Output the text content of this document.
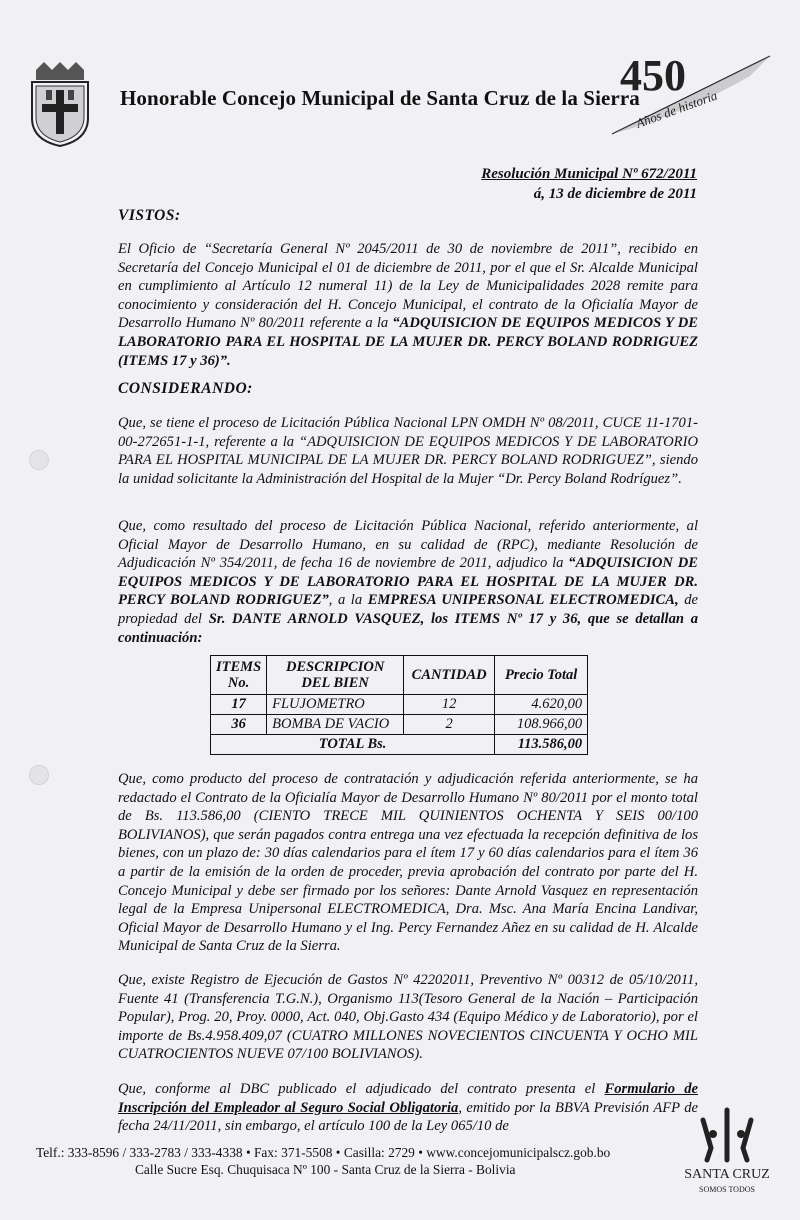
Honorable Concejo Municipal de Santa Cruz de la Sierra
450
Años de historia
Resolución Municipal Nº 672/2011
á, 13 de diciembre de 2011
VISTOS:
El Oficio de “Secretaría General Nº 2045/2011 de 30 de noviembre de 2011”, recibido en Secretaría del Concejo Municipal el 01 de diciembre de 2011, por el que el Sr. Alcalde Municipal en cumplimiento al Artículo 12 numeral 11) de la Ley de Municipalidades 2028 remite para conocimiento y consideración del H. Concejo Municipal, el contrato de la Oficialía Mayor de Desarrollo Humano Nº 80/2011 referente a la “ADQUISICION DE EQUIPOS MEDICOS Y DE LABORATORIO PARA EL HOSPITAL DE LA MUJER DR. PERCY BOLAND RODRIGUEZ (ITEMS 17 y 36)”.
CONSIDERANDO:
Que, se tiene el proceso de Licitación Pública Nacional LPN OMDH Nº 08/2011, CUCE 11-1701-00-272651-1-1, referente a la “ADQUISICION DE EQUIPOS MEDICOS Y DE LABORATORIO PARA EL HOSPITAL MUNICIPAL DE LA MUJER DR. PERCY BOLAND RODRIGUEZ”, siendo la unidad solicitante la Administración del Hospital de la Mujer “Dr. Percy Boland Rodríguez”.
Que, como resultado del proceso de Licitación Pública Nacional, referido anteriormente, al Oficial Mayor de Desarrollo Humano, en su calidad de (RPC), mediante Resolución de Adjudicación Nº 354/2011, de fecha 16 de noviembre de 2011, adjudico la “ADQUISICION DE EQUIPOS MEDICOS Y DE LABORATORIO PARA EL HOSPITAL DE LA MUJER DR. PERCY BOLAND RODRIGUEZ”, a la EMPRESA UNIPERSONAL ELECTROMEDICA, de propiedad del Sr. DANTE ARNOLD VASQUEZ, los ITEMS Nº 17 y 36, que se detallan a continuación:
ITEMS No.	DESCRIPCION DEL BIEN	CANTIDAD	Precio Total
17	FLUJOMETRO	12	4.620,00
36	BOMBA DE VACIO	2	108.966,00
TOTAL Bs.			113.586,00
Que, como producto del proceso de contratación y adjudicación referida anteriormente, se ha redactado el Contrato de la Oficialía Mayor de Desarrollo Humano Nº 80/2011 por el monto total de Bs. 113.586,00 (CIENTO TRECE MIL QUINIENTOS OCHENTA Y SEIS 00/100 BOLIVIANOS), que serán pagados contra entrega una vez efectuada la recepción definitiva de los bienes, con un plazo de: 30 días calendarios para el ítem 17 y 60 días calendarios para el ítem 36 a partir de la emisión de la orden de proceder, previa aprobación del contrato por parte del H. Concejo Municipal y debe ser firmado por los señores: Dante Arnold Vasquez en representación legal de la Empresa Unipersonal ELECTROMEDICA, Dra. Msc. Ana María Encina Landivar, Oficial Mayor de Desarrollo Humano y el Ing. Percy Fernandez Añez en su calidad de H. Alcalde Municipal de Santa Cruz de la Sierra.
Que, existe Registro de Ejecución de Gastos Nº 42202011, Preventivo Nº 00312 de 05/10/2011, Fuente 41 (Transferencia T.G.N.), Organismo 113(Tesoro General de la Nación – Participación Popular), Prog. 20, Proy. 0000, Act. 040, Obj.Gasto 434 (Equipo Médico y de Laboratorio), por el importe de Bs.4.958.409,07 (CUATRO MILLONES NOVECIENTOS CINCUENTA Y OCHO MIL CUATROCIENTOS NUEVE 07/100 BOLIVIANOS).
Que, conforme al DBC publicado el adjudicado del contrato presenta el Formulario de Inscripción del Empleador al Seguro Social Obligatoria, emitido por la BBVA Previsión AFP de fecha 24/11/2011, sin embargo, el artículo 100 de la Ley 065/10 de
Telf.: 333-8596 / 333-2783 / 333-4338 • Fax: 371-5508 • Casilla: 2729 • www.concejomunicipalscz.gob.bo
Calle Sucre Esq. Chuquisaca Nº 100 - Santa Cruz de la Sierra - Bolivia	SANTA CRUZ
SOMOS TODOS
